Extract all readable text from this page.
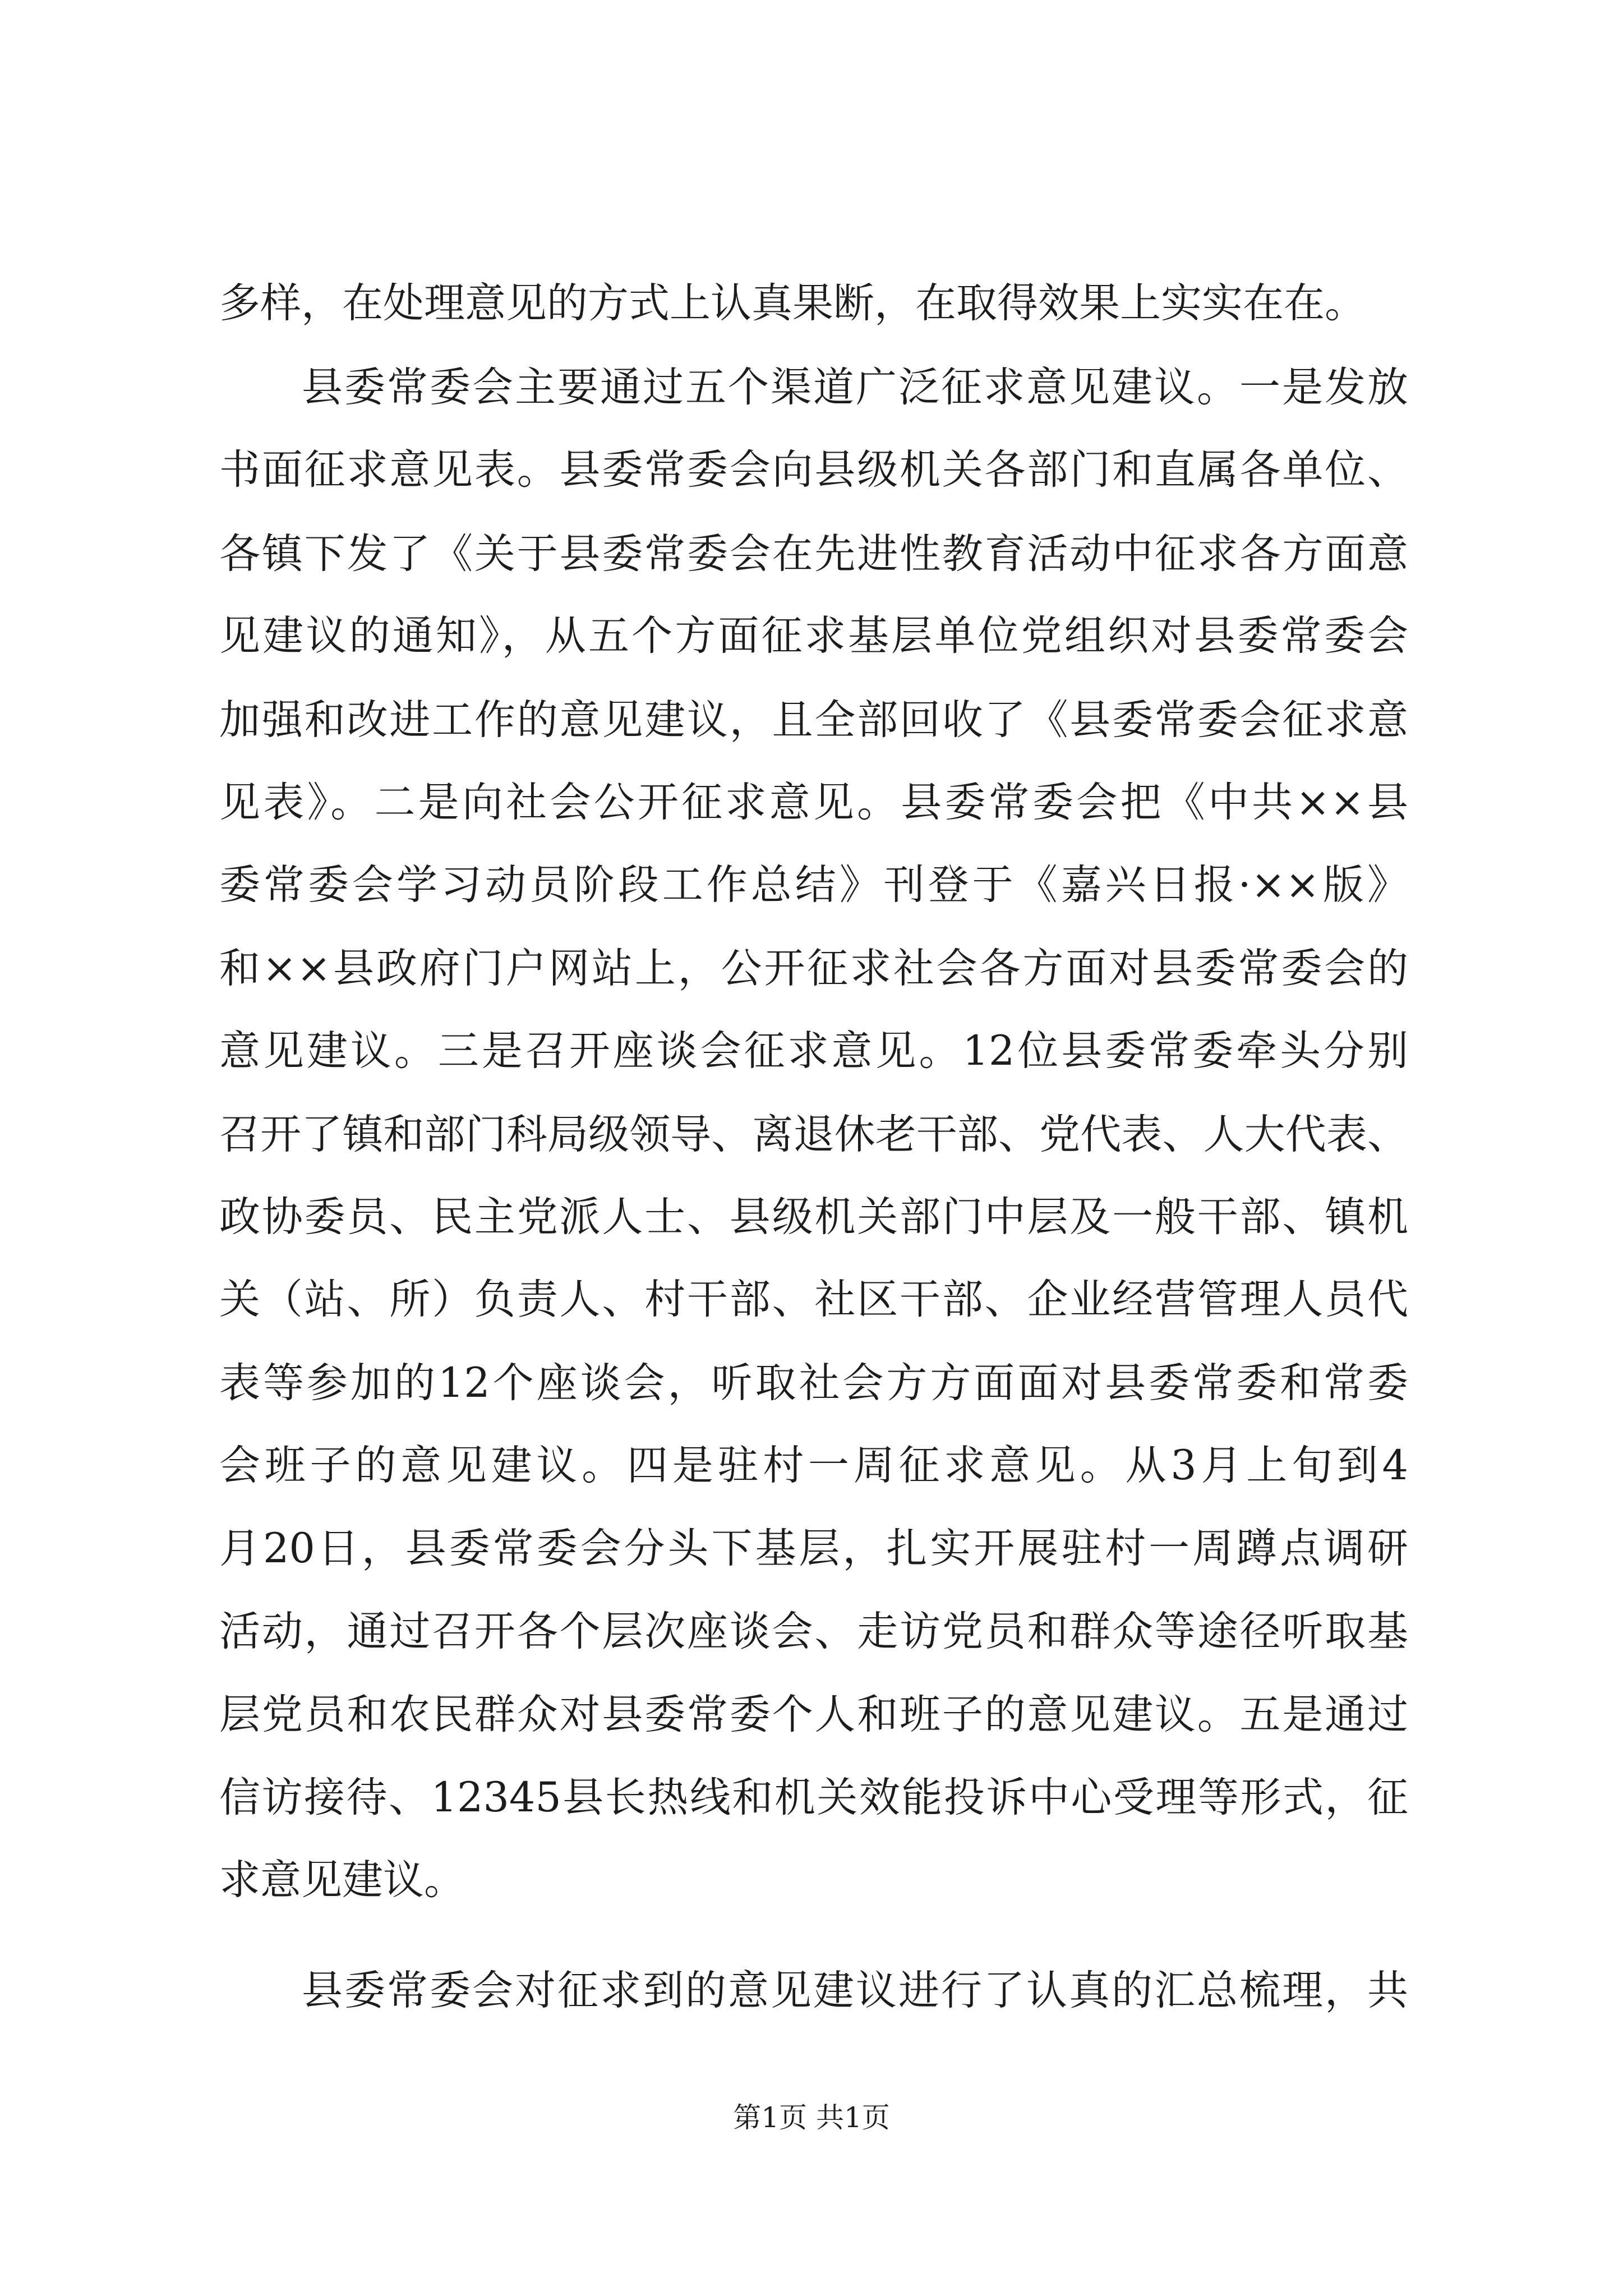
多样，在处理意见的方式上认真果断，在取得效果上实实在在。
县委常委会主要通过五个渠道广泛征求意见建议。一是发放
书面征求意见表。县委常委会向县级机关各部门和直属各单位、
各镇下发了《关于县委常委会在先进性教育活动中征求各方面意
见建议的通知》，从五个方面征求基层单位党组织对县委常委会
加强和改进工作的意见建议，且全部回收了《县委常委会征求意
见表》。二是向社会公开征求意见。县委常委会把《中共××县
委常委会学习动员阶段工作总结》刊登于《嘉兴日报·××版》
和××县政府门户网站上，公开征求社会各方面对县委常委会的
意见建议。三是召开座谈会征求意见。12位县委常委牵头分别
召开了镇和部门科局级领导、离退休老干部、党代表、人大代表、
政协委员、民主党派人士、县级机关部门中层及一般干部、镇机
关（站、所）负责人、村干部、社区干部、企业经营管理人员代
表等参加的12个座谈会，听取社会方方面面对县委常委和常委
会班子的意见建议。四是驻村一周征求意见。从3月上旬到4
月20日，县委常委会分头下基层，扎实开展驻村一周蹲点调研
活动，通过召开各个层次座谈会、走访党员和群众等途径听取基
层党员和农民群众对县委常委个人和班子的意见建议。五是通过
信访接待、12345县长热线和机关效能投诉中心受理等形式，征
求意见建议。
县委常委会对征求到的意见建议进行了认真的汇总梳理，共
第1页 共1页
